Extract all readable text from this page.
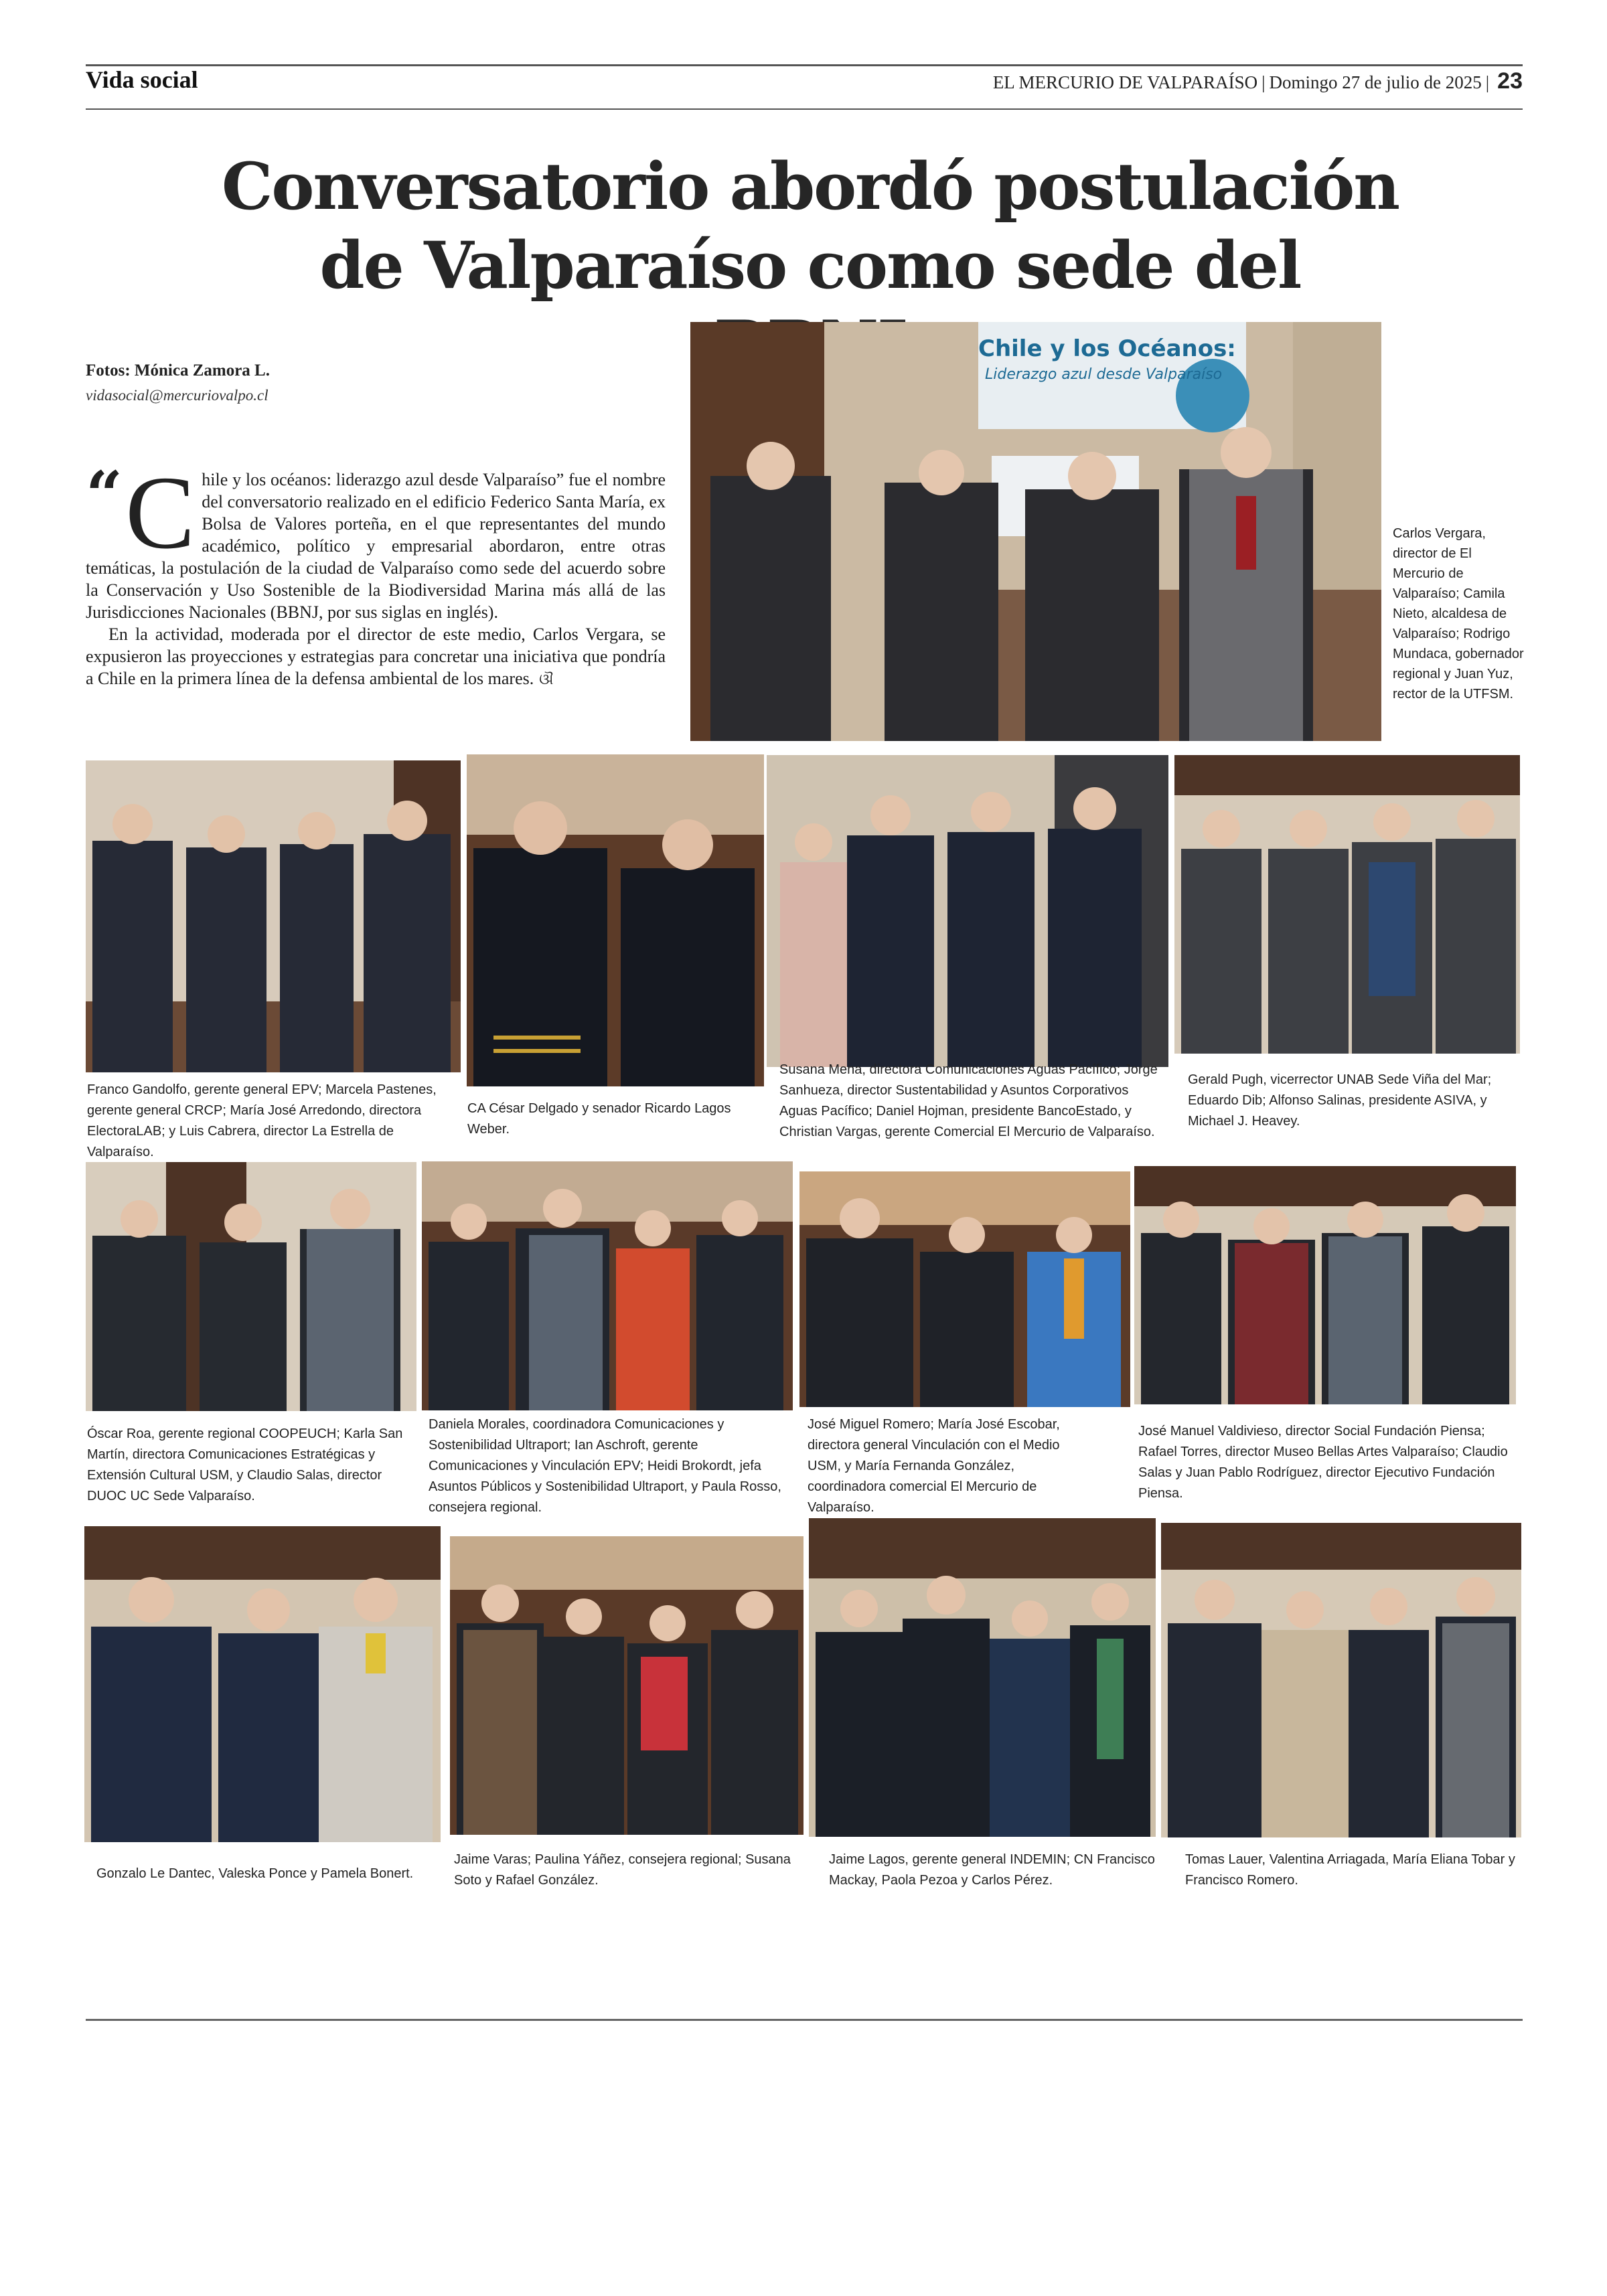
Vida social	EL MERCURIO DE VALPARAÍSO | Domingo 27 de julio de 2025 | 23
Conversatorio abordó postulación
de Valparaíso como sede del
Fotos: Mónica Zamora L.
vidasocial@mercuriovalpo.cl

“ C hile y los océanos: liderazgo azul desde Valparaíso” fue el nombre del conversatorio realizado en el edificio Federico Santa María, ex Bolsa de Valores porteña, en el que representantes del mundo académico, político y empresarial abordaron, entre otras temáticas, la postulación de la ciudad de Valparaíso como sede del acuerdo sobre la Conservación y Uso Sostenible de la Biodiversidad Marina más allá de las Jurisdicciones Nacionales (BBNJ, por sus siglas en inglés).

En la actividad, moderada por el director de este medio, Carlos Vergara, se expusieron las proyecciones y estrategias para concretar una iniciativa que pondría a Chile en la primera línea de la defensa ambiental de los mares. ଔ

Chile y los Océanos:
Liderazgo azul desde Valparaíso
Carlos Vergara, director de El Mercurio de Valparaíso; Camila Nieto, alcaldesa de Valparaíso; Rodrigo Mundaca, gobernador regional y Juan Yuz, rector de la UTFSM.
Franco Gandolfo, gerente general EPV; Marcela Pastenes, gerente general CRCP; María José Arredondo, directora ElectoraLAB; y Luis Cabrera, director La Estrella de Valparaíso.
CA César Delgado y senador Ricardo Lagos Weber.
Susana Mena, directora Comunicaciones Aguas Pacífico; Jorge Sanhueza, director Sustentabilidad y Asuntos Corporativos Aguas Pacífico; Daniel Hojman, presidente BancoEstado, y Christian Vargas, gerente Comercial El Mercurio de Valparaíso.
Gerald Pugh, vicerrector UNAB Sede Viña del Mar; Eduardo Dib; Alfonso Salinas, presidente ASIVA, y Michael J. Heavey.
Óscar Roa, gerente regional COOPEUCH; Karla San Martín, directora Comunicaciones Estratégicas y Extensión Cultural USM, y Claudio Salas, director DUOC UC Sede Valparaíso.
Daniela Morales, coordinadora Comunicaciones y Sostenibilidad Ultraport; Ian Aschroft, gerente Comunicaciones y Vinculación EPV; Heidi Brokordt, jefa Asuntos Públicos y Sostenibilidad Ultraport, y Paula Rosso, consejera regional.
José Miguel Romero; María José Escobar, directora general Vinculación con el Medio USM, y María Fernanda González, coordinadora comercial El Mercurio de Valparaíso.
José Manuel Valdivieso, director Social Fundación Piensa; Rafael Torres, director Museo Bellas Artes Valparaíso; Claudio Salas y Juan Pablo Rodríguez, director Ejecutivo Fundación Piensa.
Gonzalo Le Dantec, Valeska Ponce y Pamela Bonert.
Jaime Varas; Paulina Yáñez, consejera regional; Susana Soto y Rafael González.
Jaime Lagos, gerente general INDEMIN; CN Francisco Mackay, Paola Pezoa y Carlos Pérez.
Tomas Lauer, Valentina Arriagada, María Eliana Tobar y Francisco Romero.
